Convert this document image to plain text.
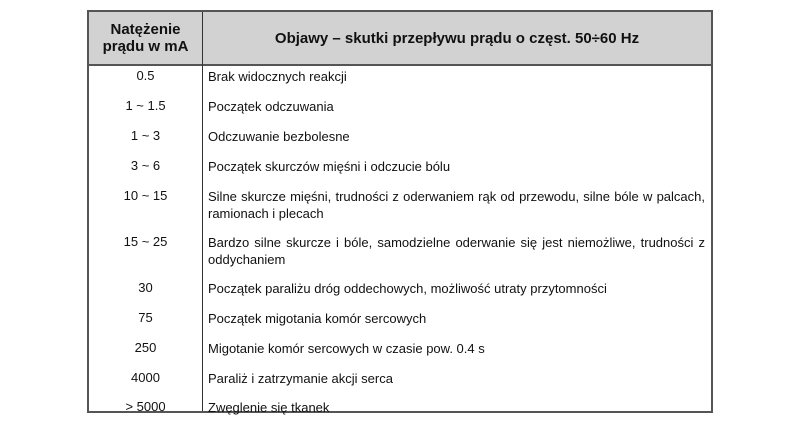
Natężenie
prądu w mA	Objawy – skutki przepływu prądu o częst. 50÷60 Hz
0.5	Brak widocznych reakcji
1 ~ 1.5	Początek odczuwania
1 ~ 3	Odczuwanie bezbolesne
3 ~ 6	Początek skurczów mięśni i odczucie bólu
10 ~ 15	Silne skurcze mięśni, trudności z oderwaniem rąk od przewodu, silne bóle w palcach, ramionach i plecach
15 ~ 25	Bardzo silne skurcze i bóle, samodzielne oderwanie się jest niemożliwe, trudności z oddychaniem
30	Początek paraliżu dróg oddechowych, możliwość utraty przytomności
75	Początek migotania komór sercowych
250	Migotanie komór sercowych w czasie pow. 0.4 s
4000	Paraliż i zatrzymanie akcji serca
> 5000	Zwęglenie się tkanek
